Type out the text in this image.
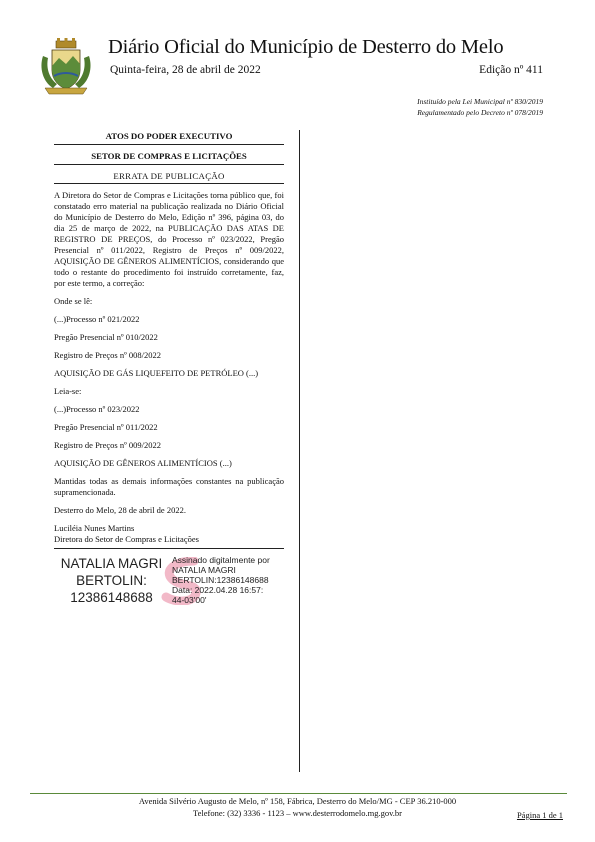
Diário Oficial do Município de Desterro do Melo
Quinta-feira, 28 de abril de 2022	Edição nº 411
Instituído pela Lei Municipal nº 830/2019
Regulamentado pelo Decreto nº 078/2019
ATOS DO PODER EXECUTIVO
SETOR DE COMPRAS E LICITAÇÕES
ERRATA DE PUBLICAÇÃO

A Diretora do Setor de Compras e Licitações torna público que, foi constatado erro material na publicação realizada no Diário Oficial do Município de Desterro do Melo, Edição nº 396, página 03, do dia 25 de março de 2022, na PUBLICAÇÃO DAS ATAS DE REGISTRO DE PREÇOS, do Processo nº 023/2022, Pregão Presencial nº 011/2022, Registro de Preços nº 009/2022, AQUISIÇÃO DE GÊNEROS ALIMENTÍCIOS, considerando que todo o restante do procedimento foi instruído corretamente, faz, por este termo, a correção:

Onde se lê:

(...)Processo nº 021/2022

Pregão Presencial nº 010/2022

Registro de Preços nº 008/2022

AQUISIÇÃO DE GÁS LIQUEFEITO DE PETRÓLEO (...)

Leia-se:

(...)Processo nº 023/2022

Pregão Presencial nº 011/2022

Registro de Preços nº 009/2022

AQUISIÇÃO DE GÊNEROS ALIMENTÍCIOS (...)

Mantidas todas as demais informações constantes na publicação supramencionada.

Desterro do Melo, 28 de abril de 2022.

Luciléia Nunes Martins

Diretora do Setor de Compras e Licitações

NATALIA MAGRI
BERTOLIN:
12386148688
Assinado digitalmente por
NATALIA MAGRI
BERTOLIN:12386148688
Data: 2022.04.28 16:57:
44-03'00'
Avenida Silvério Augusto de Melo, nº 158, Fábrica, Desterro do Melo/MG - CEP 36.210-000
Telefone: (32) 3336 - 1123 – www.desterrodomelo.mg.gov.br	Página 1 de 1
